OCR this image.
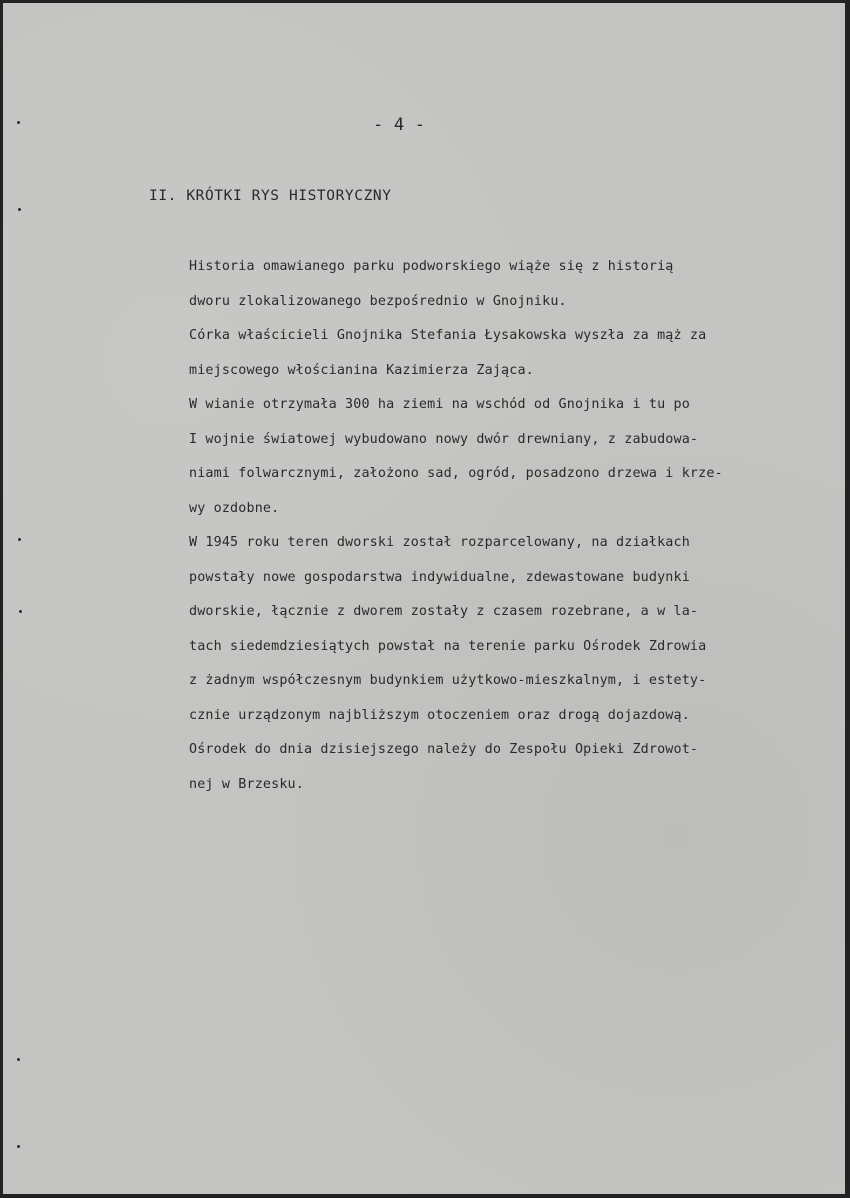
- 4 -
II. KRÓTKI RYS HISTORYCZNY
Historia omawianego parku podworskiego wiąże się z historią
dworu zlokalizowanego bezpośrednio w Gnojniku.
Córka właścicieli Gnojnika Stefania Łysakowska wyszła za mąż za
miejscowego włościanina Kazimierza Zająca.
W wianie otrzymała 300 ha ziemi na wschód od Gnojnika i tu po
I wojnie światowej wybudowano nowy dwór drewniany, z zabudowa-
niami folwarcznymi, założono sad, ogród, posadzono drzewa i krze-
wy ozdobne.
W 1945 roku teren dworski został rozparcelowany, na działkach
powstały nowe gospodarstwa indywidualne, zdewastowane budynki
dworskie, łącznie z dworem zostały z czasem rozebrane, a w la-
tach siedemdziesiątych powstał na terenie parku Ośrodek Zdrowia
z żadnym współczesnym budynkiem użytkowo-mieszkalnym, i estety-
cznie urządzonym najbliższym otoczeniem oraz drogą dojazdową.
Ośrodek do dnia dzisiejszego należy do Zespołu Opieki Zdrowot-
nej w Brzesku.
